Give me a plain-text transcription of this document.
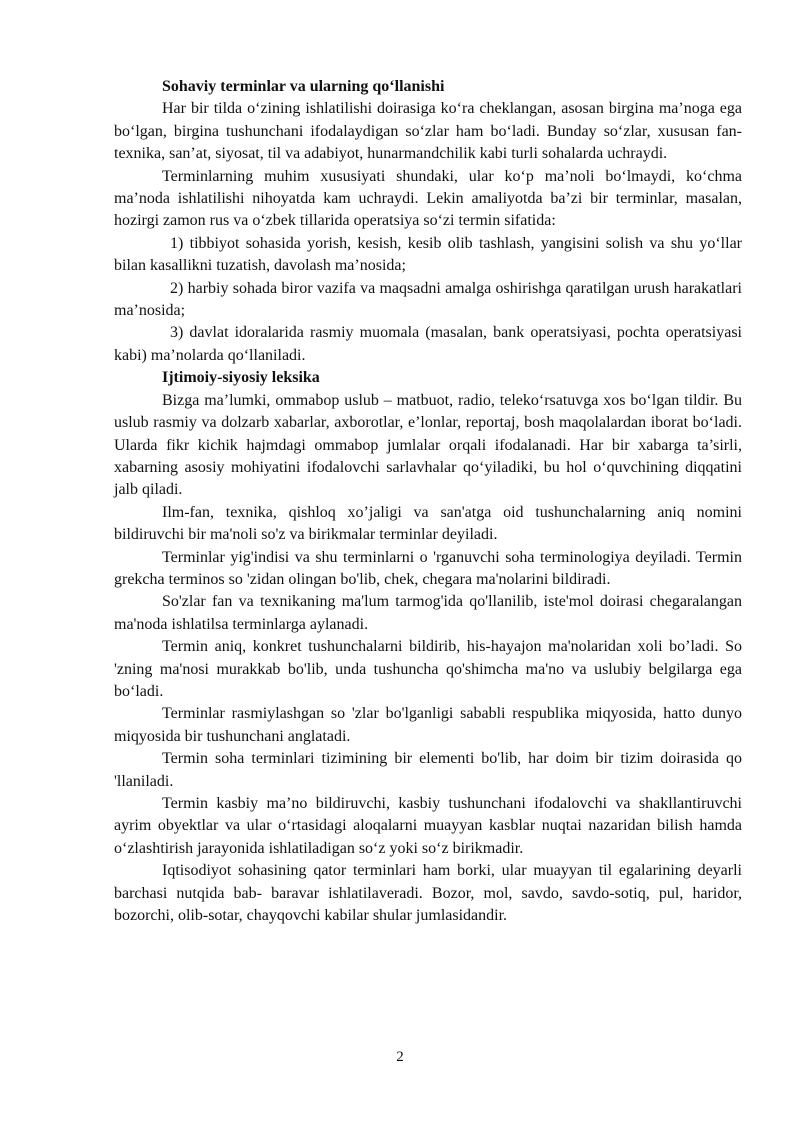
Sohaviy terminlar va ularning qo‘llanishi

Har bir tilda o‘zining ishlatilishi doirasiga ko‘ra cheklangan, asosan birgina ma’noga ega bo‘lgan, birgina tushunchani ifodalaydigan so‘zlar ham bo‘ladi. Bunday so‘zlar, xususan fan-texnika, san’at, siyosat, til va adabiyot, hunarmandchilik kabi turli sohalarda uchraydi.

Terminlarning muhim xususiyati shundaki, ular ko‘p ma’noli bo‘lmaydi, ko‘chma ma’noda ishlatilishi nihoyatda kam uchraydi. Lekin amaliyotda ba’zi bir terminlar, masalan, hozirgi zamon rus va o‘zbek tillarida operatsiya so‘zi termin sifatida:

1) tibbiyot sohasida yorish, kesish, kesib olib tashlash, yangisini solish va shu yo‘llar bilan kasallikni tuzatish, davolash ma’nosida;

2) harbiy sohada biror vazifa va maqsadni amalga oshirishga qaratilgan urush harakatlari ma’nosida;

3) davlat idoralarida rasmiy muomala (masalan, bank operatsiyasi, pochta operatsiyasi kabi) ma’nolarda qo‘llaniladi.

Ijtimoiy-siyosiy leksika

Bizga ma’lumki, ommabop uslub – matbuot, radio, teleko‘rsatuvga xos bo‘lgan tildir. Bu uslub rasmiy va dolzarb xabarlar, axborotlar, e’lonlar, reportaj, bosh maqolalardan iborat bo‘ladi. Ularda fikr kichik hajmdagi ommabop jumlalar orqali ifodalanadi. Har bir xabarga ta’sirli, xabarning asosiy mohiyatini ifodalovchi sarlavhalar qo‘yiladiki, bu hol o‘quvchining diqqatini jalb qiladi.

Ilm-fan, texnika, qishloq xo’jaligi va san'atga oid tushunchalarning aniq nomini bildiruvchi bir ma'noli so'z va birikmalar terminlar deyiladi.

Terminlar yig'indisi va shu terminlarni o 'rganuvchi soha terminologiya deyiladi. Termin grekcha terminos so 'zidan olingan bo'lib, chek, chegara ma'nolarini bildiradi.

So'zlar fan va texnikaning ma'lum tarmog'ida qo'llanilib, iste'mol doirasi chegaralangan ma'noda ishlatilsa terminlarga aylanadi.

Termin aniq, konkret tushunchalarni bildirib, his-hayajon ma'nolaridan xoli bo’ladi. So 'zning ma'nosi murakkab bo'lib, unda tushuncha qo'shimcha ma'no va uslubiy belgilarga ega bo‘ladi.

Terminlar rasmiylashgan so 'zlar bo'lganligi sababli respublika miqyosida, hatto dunyo miqyosida bir tushunchani anglatadi.

Termin soha terminlari tizimining bir elementi bo'lib, har doim bir tizim doirasida qo 'llaniladi.

Termin kasbiy ma’no bildiruvchi, kasbiy tushunchani ifodalovchi va shakllantiruvchi ayrim obyektlar va ular o‘rtasidagi aloqalarni muayyan kasblar nuqtai nazaridan bilish hamda o‘zlashtirish jarayonida ishlatiladigan so‘z yoki so‘z birikmadir.

Iqtisodiyot sohasining qator terminlari ham borki, ular muayyan til egalarining deyarli barchasi nutqida bab- baravar ishlatilaveradi. Bozor, mol, savdo, savdo-sotiq, pul, haridor, bozorchi, olib-sotar, chayqovchi kabilar shular jumlasidandir.

2
